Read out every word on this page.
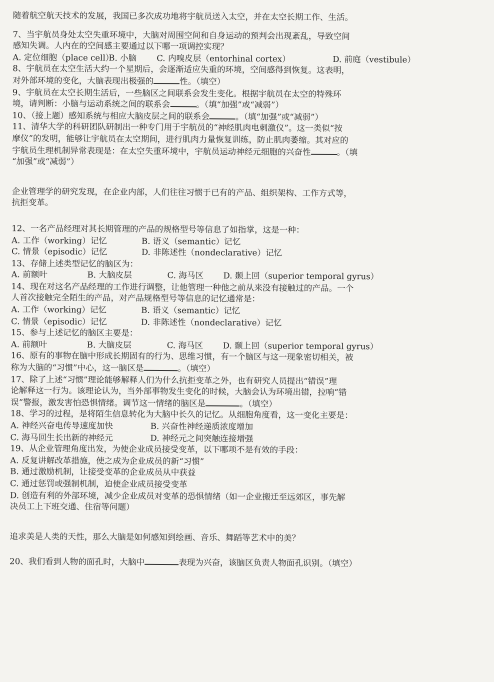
随着航空航天技术的发展，我国已多次成功地将宇航员送入太空，并在太空长期工作、生活。
7、当宇航员身处太空失重环境中，大脑对周围空间和自身运动的预判会出现紊乱，导致空间
感知失调。人内在的空间感主要通过以下哪一项调控实现？
A. 定位细胞（place cell）
B. 小脑	C. 内嗅皮层（entorhinal cortex）	D. 前庭（vestibule）
8、宇航员在太空生活大约一个星期后，会逐渐适应失重的环境，空间感得到恢复。这表明，
对外部环境的变化，大脑表现出极强的	性。（填空）
9、宇航员在太空长期生活后，一些脑区之间联系会发生变化。根据宇航员在太空的特殊环
境，请判断：小脑与运动系统之间的联系会	。（填“加强”或“减弱”）
10、（接上题）感知系统与相应大脑皮层之间的联系会	。（填“加强”或“减弱”）
11、清华大学的科研团队研制出一种专门用于宇航员的“神经肌肉电刺激仪”。这一类似“按
摩仪”的发明，能够让宇航员在太空期间，进行肌肉力量恢复训练，防止肌肉萎缩。其对应的
宇航员生理机制异常表现是：在太空失重环境中，宇航员运动神经元细胞的兴奋性	。（填
“加强”或“减弱”）
企业管理学的研究发现，在企业内部，人们往往习惯于已有的产品、组织架构、工作方式等，
抗拒变革。
12、一名产品经理对其长期管理的产品的规格型号等信息了如指掌，这是一种：
A. 工作（working）记忆	B. 语义（semantic）记忆
C. 情景（episodic）记忆	D. 非陈述性（nondeclarative）记忆
13、存储上述类型记忆的脑区为：
A. 前额叶	B. 大脑皮层	C. 海马区	D. 颞上回（superior temporal gyrus）
14、现在对这名产品经理的工作进行调整，让他管理一种他之前从来没有接触过的产品。一个
人首次接触完全陌生的产品，对产品规格型号等信息的记忆通常是：
A. 工作（working）记忆	B. 语义（semantic）记忆
C. 情景（episodic）记忆	D. 非陈述性（nondeclarative）记忆
15、参与上述记忆的脑区主要是：
A. 前额叶	B. 大脑皮层	C. 海马区	D. 颞上回（superior temporal gyrus）
16、原有的事物在脑中形成长期固有的行为、思维习惯，有一个脑区与这一现象密切相关，被
称为大脑的“习惯”中心，这一脑区是	。（填空）
17、除了上述“习惯”理论能够解释人们为什么抗拒变革之外，也有研究人员提出“错误”理
论解释这一行为。该理论认为，当外部事物发生变化的时候，大脑会认为环境出错，拉响“错
误”警报，激发害怕恐惧情绪。调节这一情绪的脑区是	。（填空）
18、学习的过程，是将陌生信息转化为大脑中长久的记忆。从细胞角度看，这一变化主要是：
A. 神经兴奋电传导速度加快	B. 兴奋性神经递质浓度增加
C. 海马回生长出新的神经元	D. 神经元之间突触连接增强
19、从企业管理角度出发，为使企业成员接受变革，以下哪项不是有效的手段：
A. 反复讲解改革措施，使之成为企业成员的新“习惯”
B. 通过激励机制，让接受变革的企业成员从中获益
C. 通过惩罚或强制机制，迫使企业成员接受变革
D. 创造有利的外部环境，减少企业成员对变革的恐惧情绪（如一企业搬迁至远郊区，事先解
决员工上下班交通、住宿等问题）
追求美是人类的天性，那么大脑是如何感知到绘画、音乐、舞蹈等艺术中的美？
20、我们看到人物的面孔时，大脑中	表现为兴奋，该脑区负责人物面孔识别。（填空）
